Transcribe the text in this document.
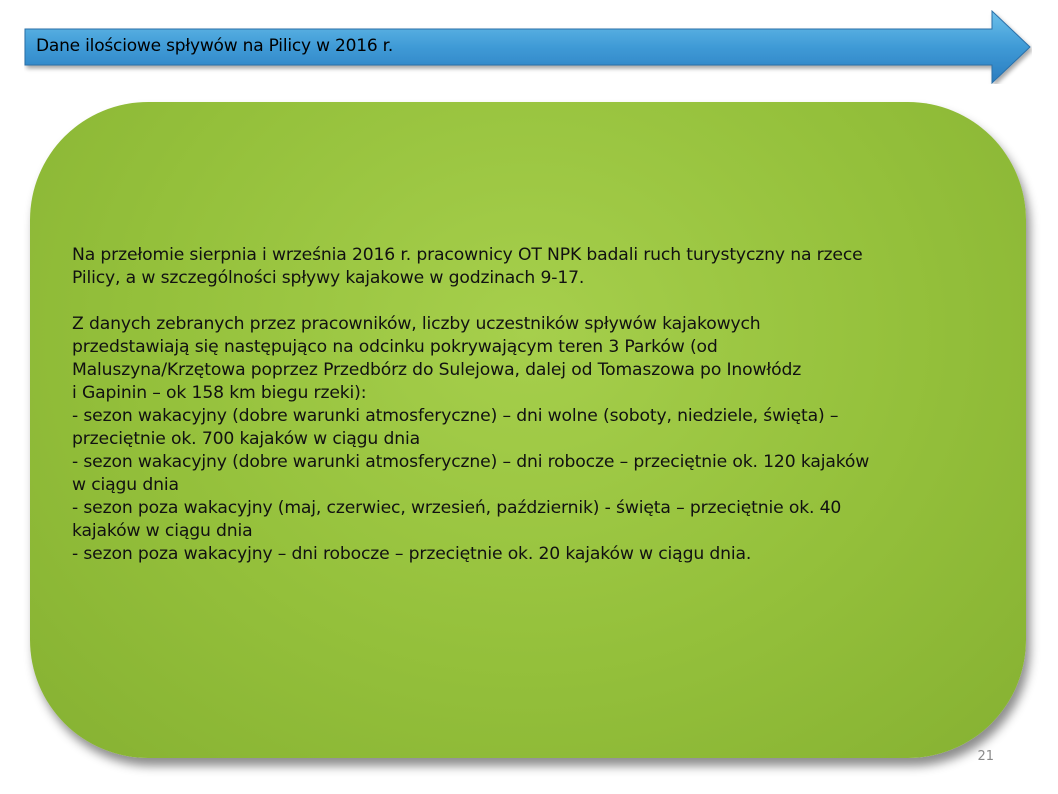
Dane ilościowe spływów na Pilicy w 2016 r.

Na przełomie sierpnia i września 2016 r. pracownicy OT NPK badali ruch turystyczny na rzece

Pilicy, a w szczególności spływy kajakowe w godzinach 9-17.

Z danych zebranych przez pracowników, liczby uczestników spływów kajakowych

przedstawiają się następująco na odcinku pokrywającym teren 3 Parków (od

Maluszyna/Krzętowa poprzez Przedbórz do Sulejowa, dalej od Tomaszowa po Inowłódz

i Gapinin – ok 158 km biegu rzeki):

- sezon wakacyjny (dobre warunki atmosferyczne) – dni wolne (soboty, niedziele, święta) –

przeciętnie ok. 700 kajaków w ciągu dnia

- sezon wakacyjny (dobre warunki atmosferyczne) – dni robocze – przeciętnie ok. 120 kajaków

w ciągu dnia

- sezon poza wakacyjny (maj, czerwiec, wrzesień, październik) - święta – przeciętnie ok. 40

kajaków w ciągu dnia

- sezon poza wakacyjny – dni robocze – przeciętnie ok. 20 kajaków w ciągu dnia.

21
